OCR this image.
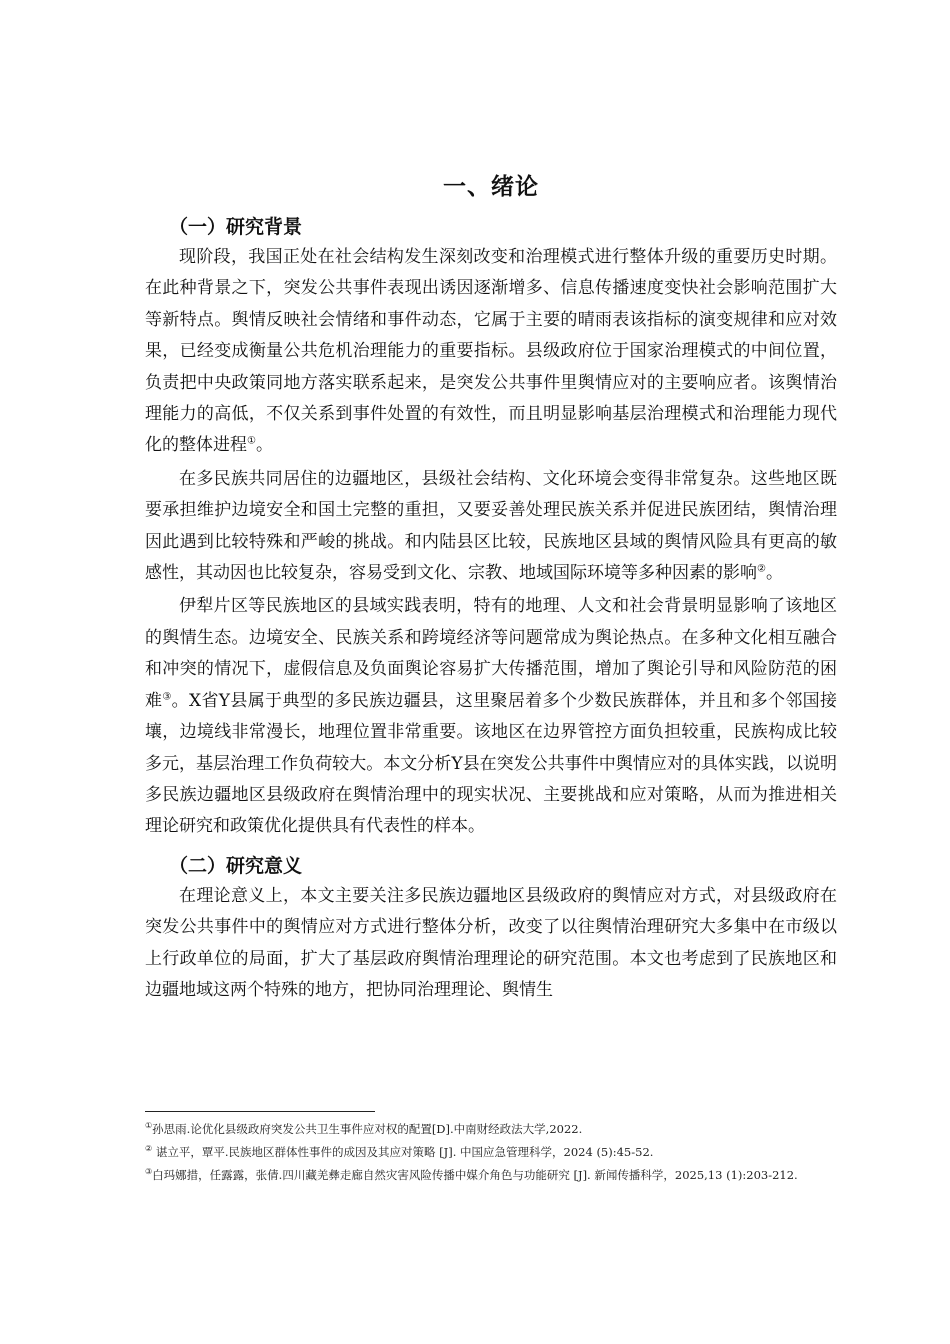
一、绪论
（一）研究背景

现阶段，我国正处在社会结构发生深刻改变和治理模式进行整体升级的重要历史时期。在此种背景之下，突发公共事件表现出诱因逐渐增多、信息传播速度变快社会影响范围扩大等新特点。舆情反映社会情绪和事件动态，它属于主要的晴雨表该指标的演变规律和应对效果，已经变成衡量公共危机治理能力的重要指标。县级政府位于国家治理模式的中间位置，负责把中央政策同地方落实联系起来，是突发公共事件里舆情应对的主要响应者。该舆情治理能力的高低，不仅关系到事件处置的有效性，而且明显影响基层治理模式和治理能力现代化的整体进程①。

在多民族共同居住的边疆地区，县级社会结构、文化环境会变得非常复杂。这些地区既要承担维护边境安全和国土完整的重担，又要妥善处理民族关系并促进民族团结，舆情治理因此遇到比较特殊和严峻的挑战。和内陆县区比较，民族地区县域的舆情风险具有更高的敏感性，其动因也比较复杂，容易受到文化、宗教、地域国际环境等多种因素的影响②。

伊犁片区等民族地区的县域实践表明，特有的地理、人文和社会背景明显影响了该地区的舆情生态。边境安全、民族关系和跨境经济等问题常成为舆论热点。在多种文化相互融合和冲突的情况下，虚假信息及负面舆论容易扩大传播范围，增加了舆论引导和风险防范的困难③。X省Y县属于典型的多民族边疆县，这里聚居着多个少数民族群体，并且和多个邻国接壤，边境线非常漫长，地理位置非常重要。该地区在边界管控方面负担较重，民族构成比较多元，基层治理工作负荷较大。本文分析Y县在突发公共事件中舆情应对的具体实践，以说明多民族边疆地区县级政府在舆情治理中的现实状况、主要挑战和应对策略，从而为推进相关理论研究和政策优化提供具有代表性的样本。

（二）研究意义

在理论意义上，本文主要关注多民族边疆地区县级政府的舆情应对方式，对县级政府在突发公共事件中的舆情应对方式进行整体分析，改变了以往舆情治理研究大多集中在市级以上行政单位的局面，扩大了基层政府舆情治理理论的研究范围。本文也考虑到了民族地区和边疆地域这两个特殊的地方，把协同治理理论、舆情生

①孙思雨.论优化县级政府突发公共卫生事件应对权的配置[D].中南财经政法大学,2022.
② 谌立平，覃平.民族地区群体性事件的成因及其应对策略 [J]. 中国应急管理科学，2024 (5):45-52.
③白玛娜措，任露露，张倩.四川藏羌彝走廊自然灾害风险传播中媒介角色与功能研究 [J]. 新闻传播科学，2025,13 (1):203-212.
